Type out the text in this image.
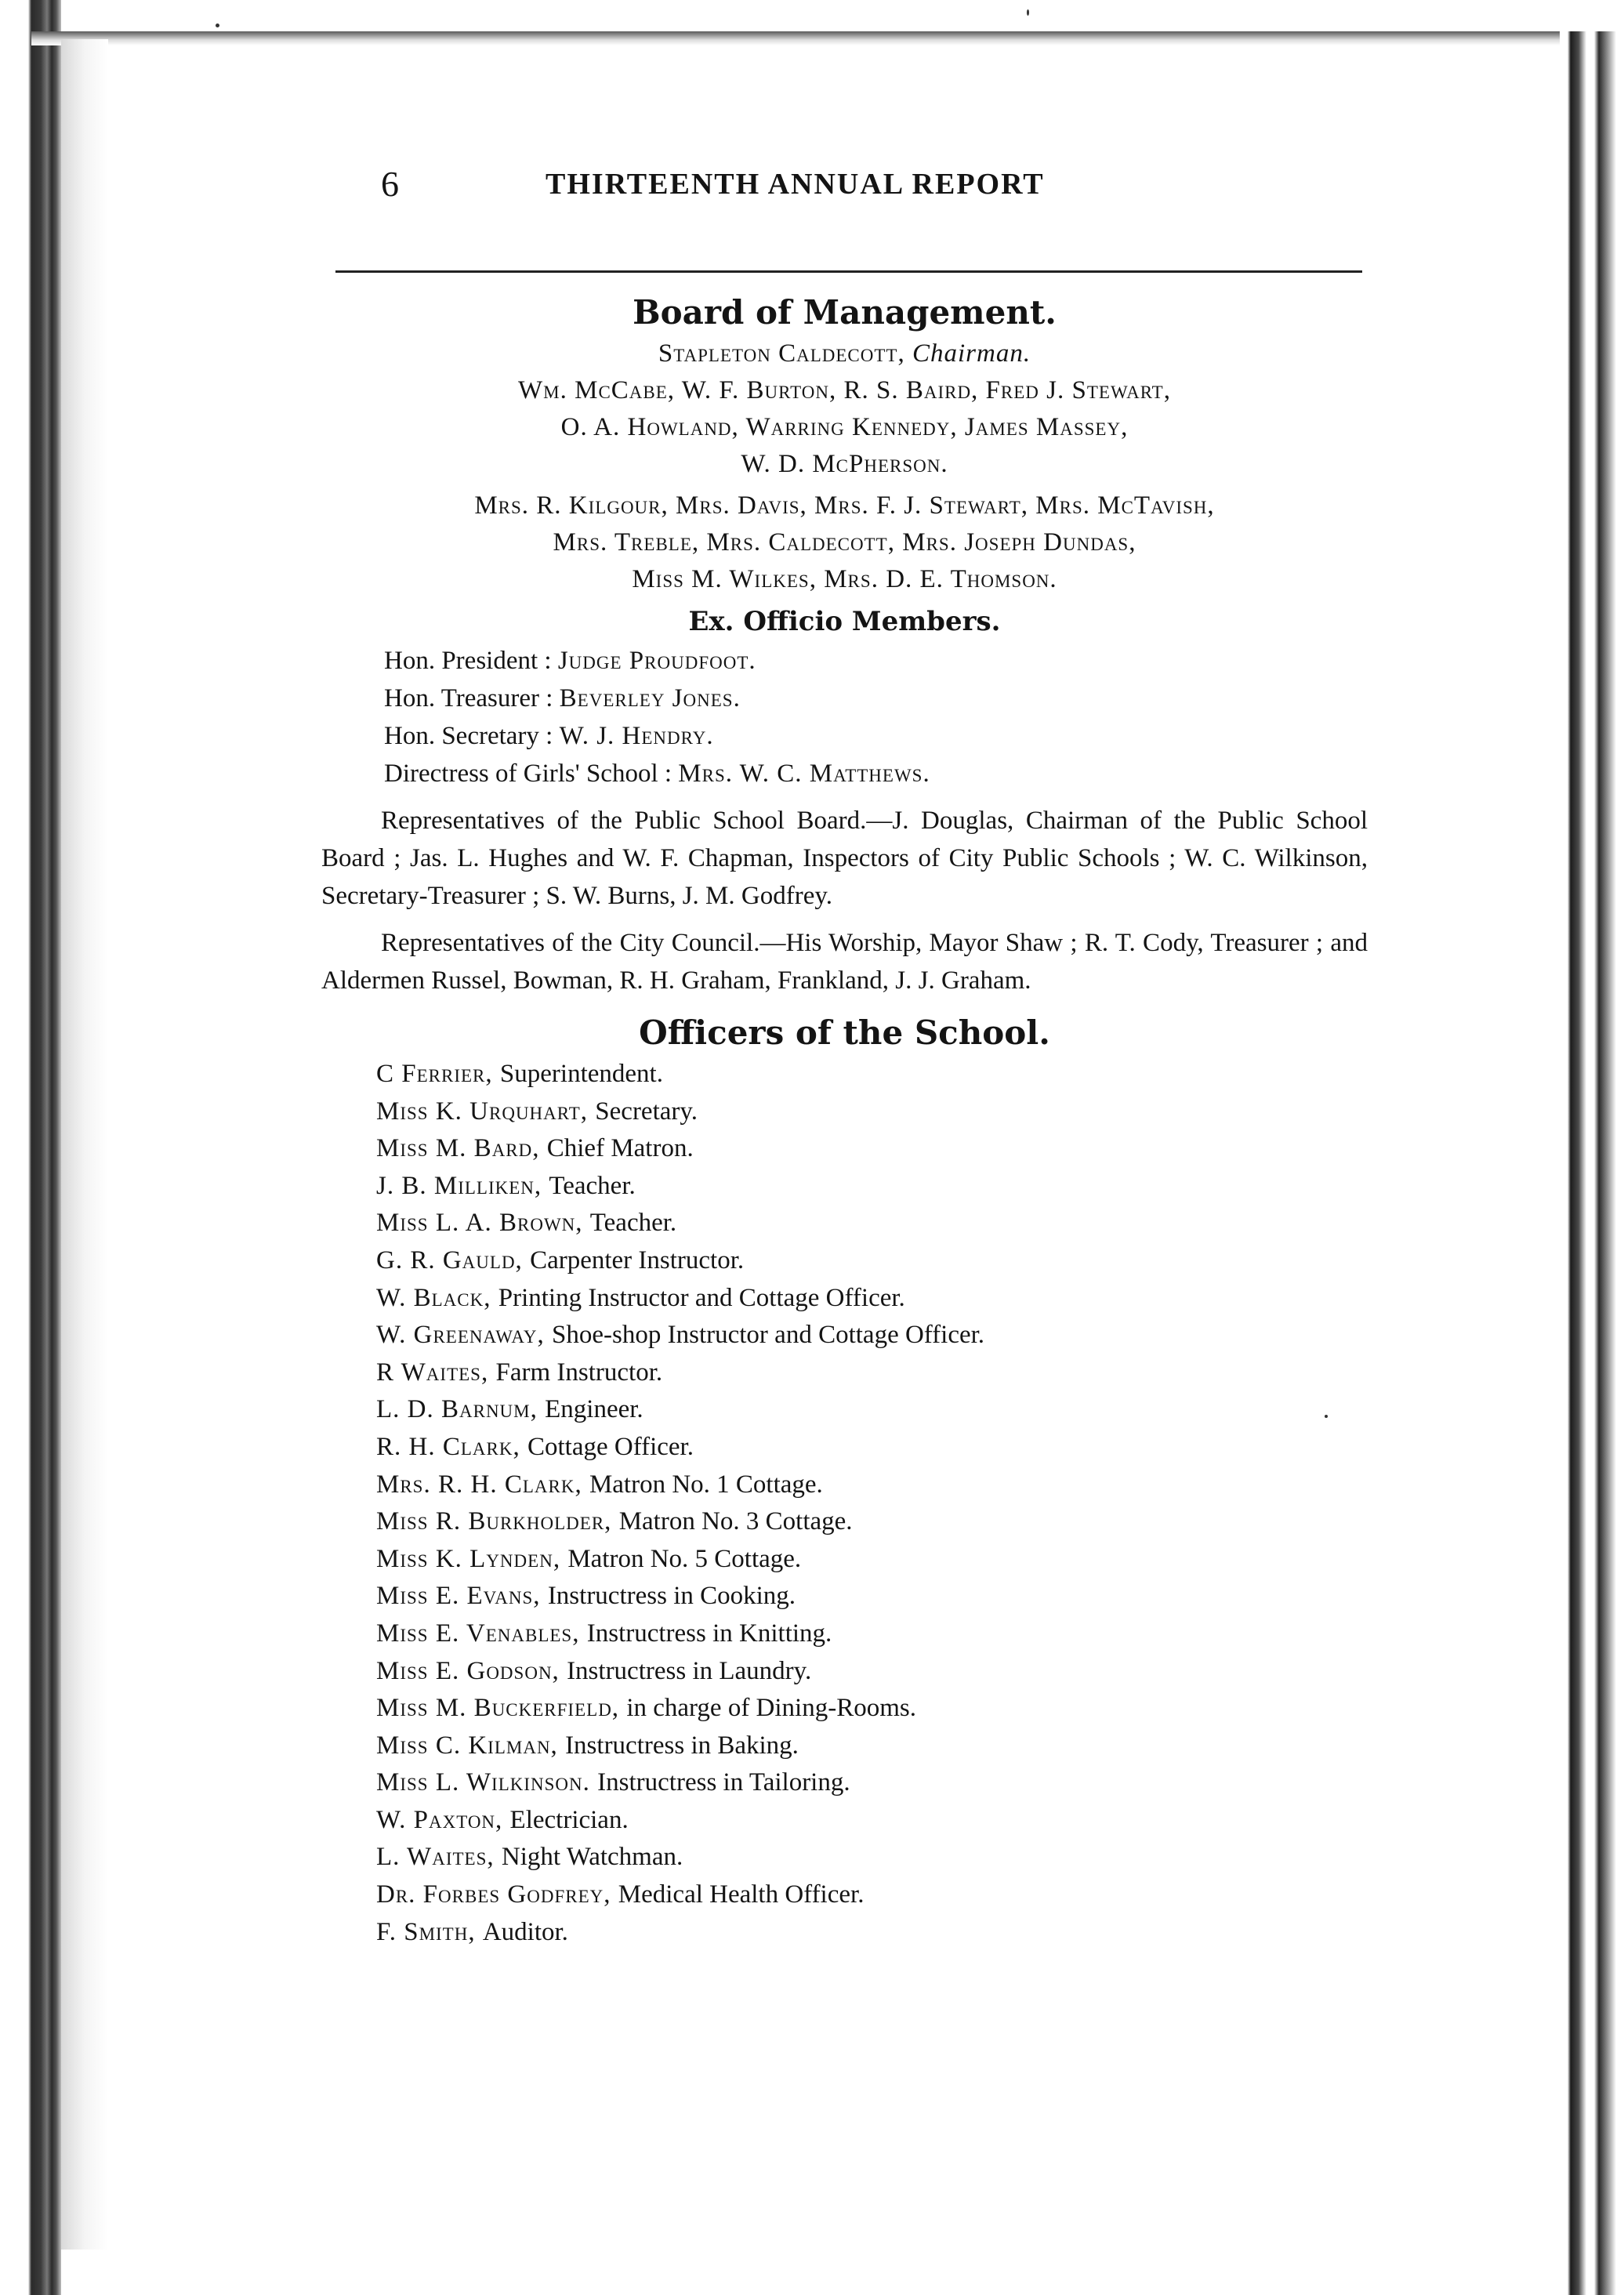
6	THIRTEENTH ANNUAL REPORT
Board of Management.

Stapleton Caldecott, Chairman.

Wm. McCabe, W. F. Burton, R. S. Baird, Fred J. Stewart,

O. A. Howland, Warring Kennedy, James Massey,

W. D. McPherson.

Mrs. R. Kilgour, Mrs. Davis, Mrs. F. J. Stewart, Mrs. McTavish,

Mrs. Treble, Mrs. Caldecott, Mrs. Joseph Dundas,

Miss M. Wilkes, Mrs. D. E. Thomson.

Ex. Officio Members.
Hon. President : Judge Proudfoot.
Hon. Treasurer : Beverley Jones.
Hon. Secretary : W. J. Hendry.
Directress of Girls' School : Mrs. W. C. Matthews.

Representatives of the Public School Board.—J. Douglas, Chairman of the Public School Board ; Jas. L. Hughes and W. F. Chapman, Inspectors of City Public Schools ; W. C. Wilkinson, Secretary-Treasurer ; S. W. Burns, J. M. Godfrey.

Representatives of the City Council.—His Worship, Mayor Shaw ; R. T. Cody, Treasurer ; and Aldermen Russel, Bowman, R. H. Graham, Frankland, J. J. Graham.

Officers of the School.
C Ferrier, Superintendent.
Miss K. Urquhart, Secretary.
Miss M. Bard, Chief Matron.
J. B. Milliken, Teacher.
Miss L. A. Brown, Teacher.
G. R. Gauld, Carpenter Instructor.
W. Black, Printing Instructor and Cottage Officer.
W. Greenaway, Shoe-shop Instructor and Cottage Officer.
R Waites, Farm Instructor.
L. D. Barnum, Engineer.
R. H. Clark, Cottage Officer.
Mrs. R. H. Clark, Matron No. 1 Cottage.
Miss R. Burkholder, Matron No. 3 Cottage.
Miss K. Lynden, Matron No. 5 Cottage.
Miss E. Evans, Instructress in Cooking.
Miss E. Venables, Instructress in Knitting.
Miss E. Godson, Instructress in Laundry.
Miss M. Buckerfield, in charge of Dining-Rooms.
Miss C. Kilman, Instructress in Baking.
Miss L. Wilkinson. Instructress in Tailoring.
W. Paxton, Electrician.
L. Waites, Night Watchman.
Dr. Forbes Godfrey, Medical Health Officer.
F. Smith, Auditor.
